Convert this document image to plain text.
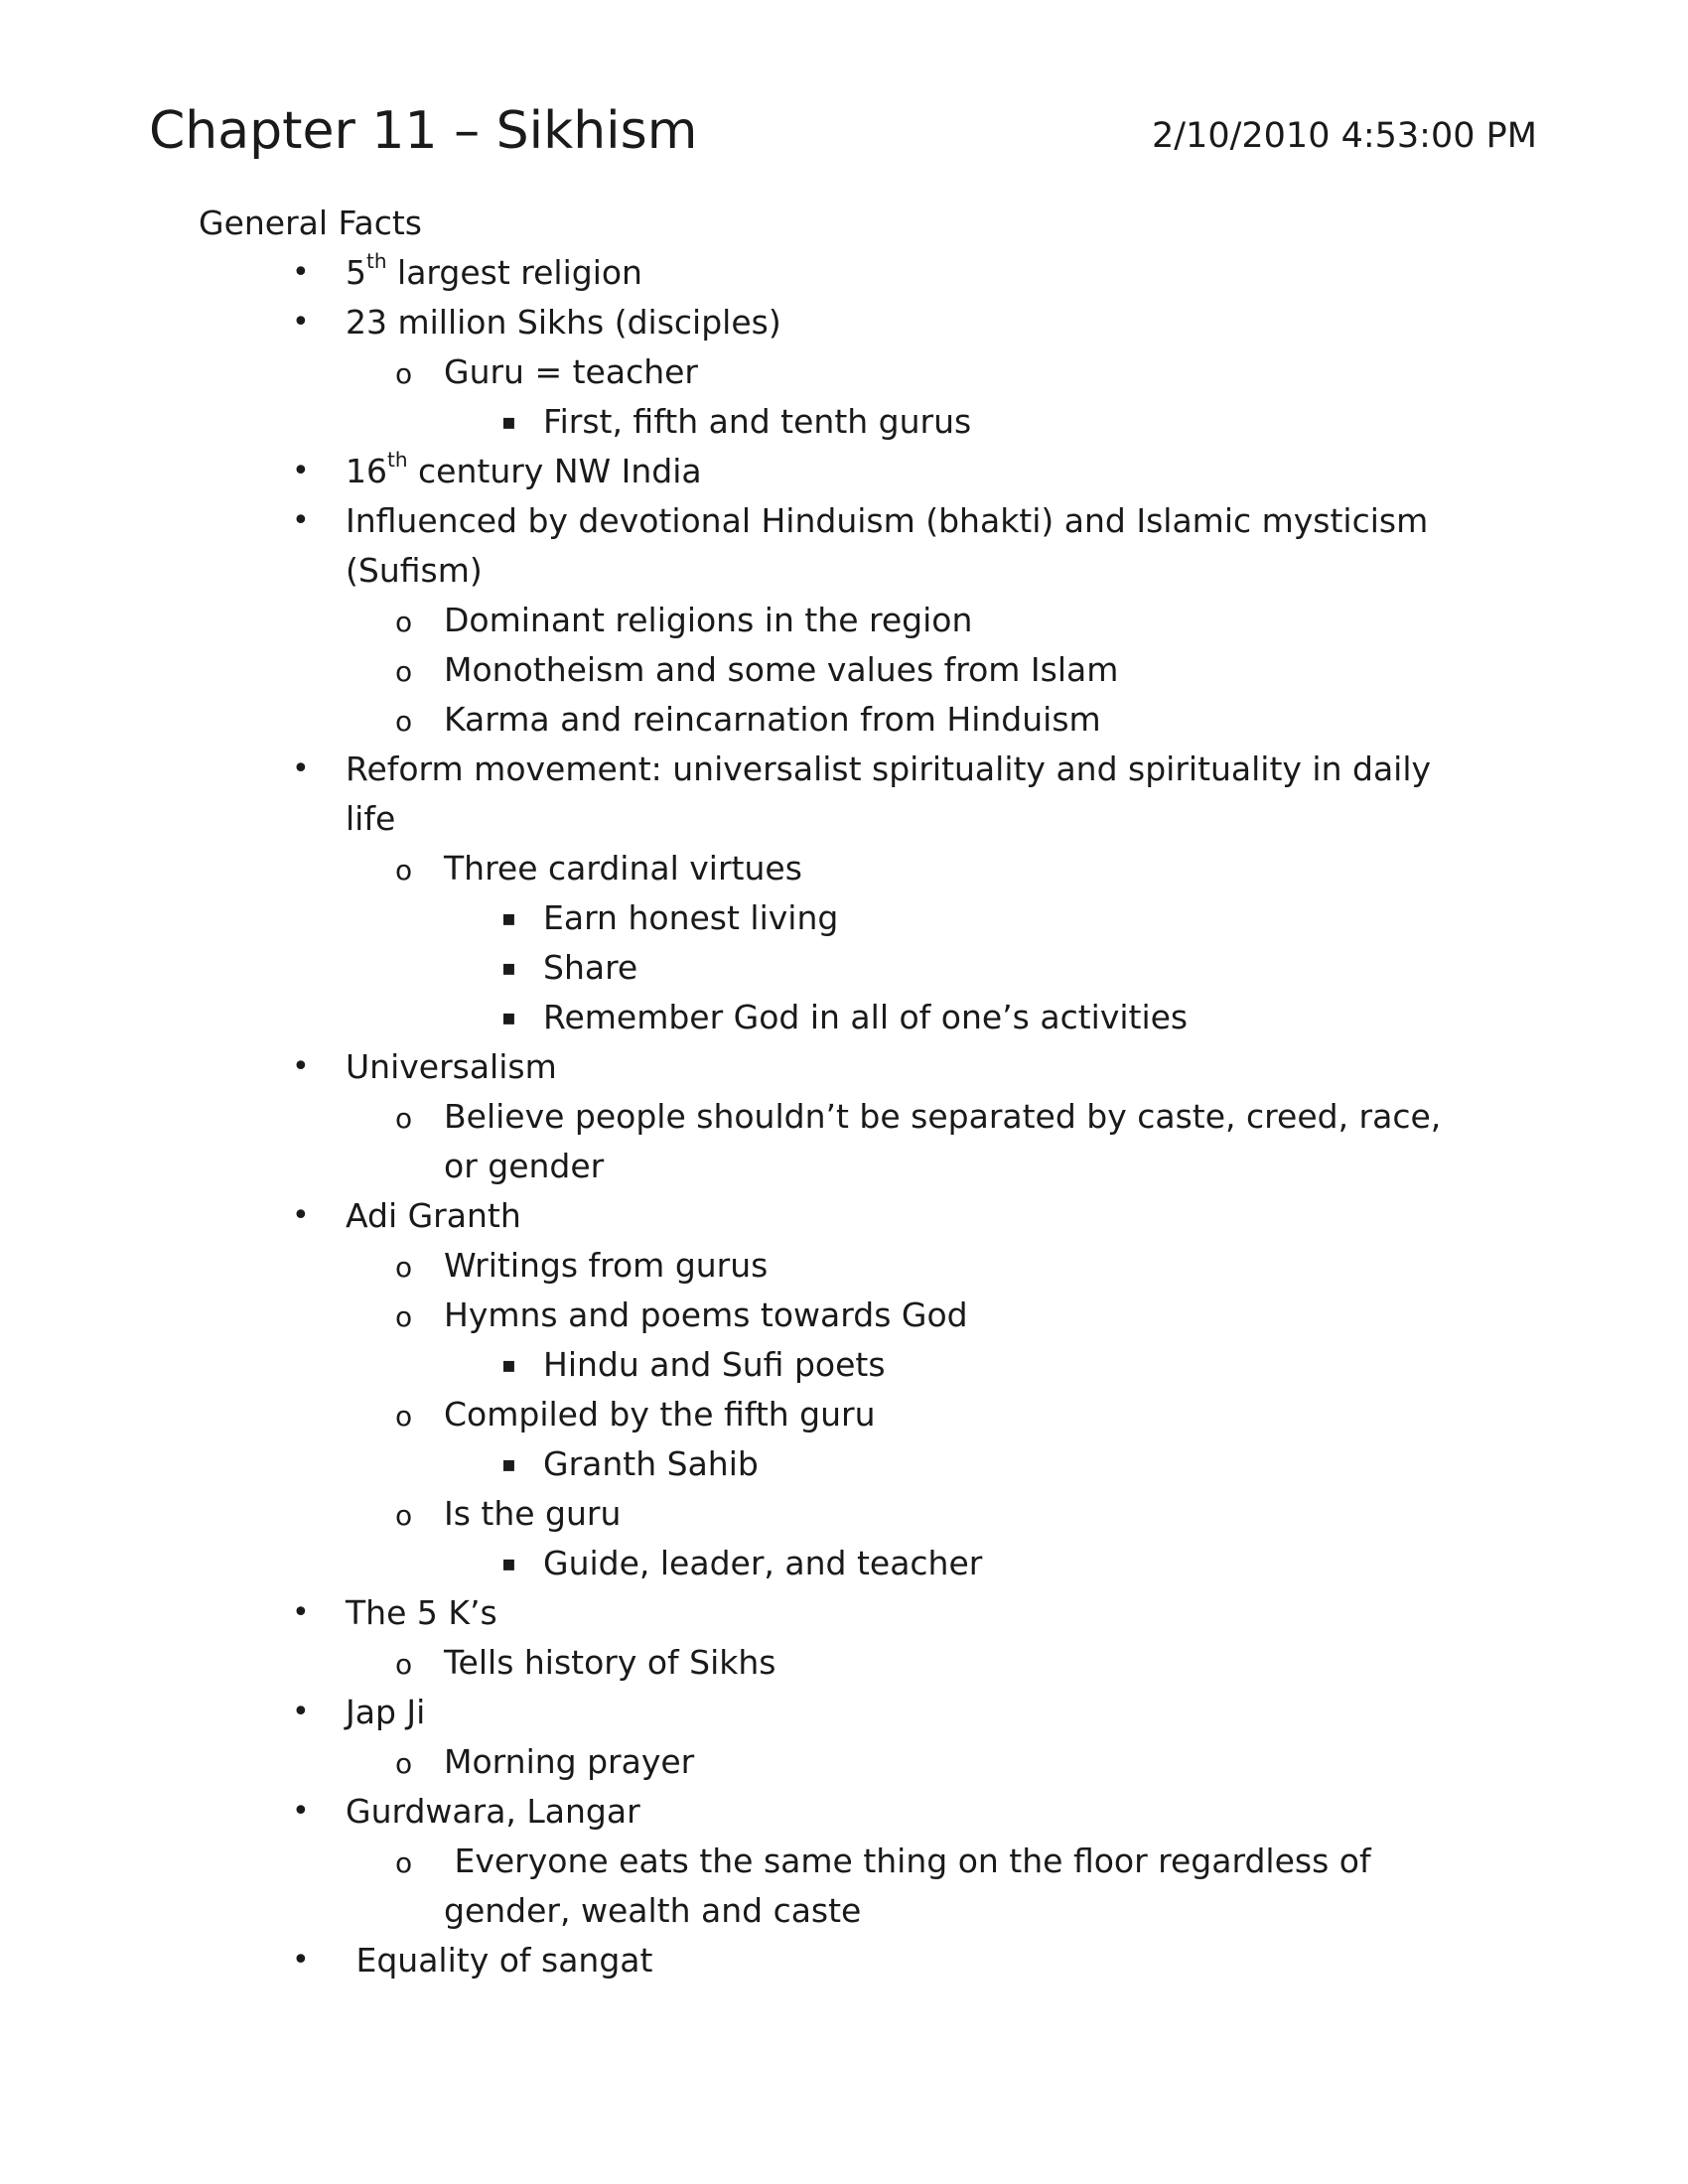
Chapter 11 – Sikhism	2/10/2010 4:53:00 PM
General Facts
• 5th largest religion
• 23 million Sikhs (disciples)
o Guru = teacher
▪ First, fifth and tenth gurus
• 16th century NW India
• Influenced by devotional Hinduism (bhakti) and Islamic mysticism (Sufism)
o Dominant religions in the region
o Monotheism and some values from Islam
o Karma and reincarnation from Hinduism
• Reform movement: universalist spirituality and spirituality in daily life
o Three cardinal virtues
▪ Earn honest living
▪ Share
▪ Remember God in all of one’s activities
• Universalism
o Believe people shouldn’t be separated by caste, creed, race, or gender
• Adi Granth
o Writings from gurus
o Hymns and poems towards God
▪ Hindu and Sufi poets
o Compiled by the fifth guru
▪ Granth Sahib
o Is the guru
▪ Guide, leader, and teacher
• The 5 K’s
o Tells history of Sikhs
• Jap Ji
o Morning prayer
• Gurdwara, Langar
o Everyone eats the same thing on the floor regardless of gender, wealth and caste
• Equality of sangat
